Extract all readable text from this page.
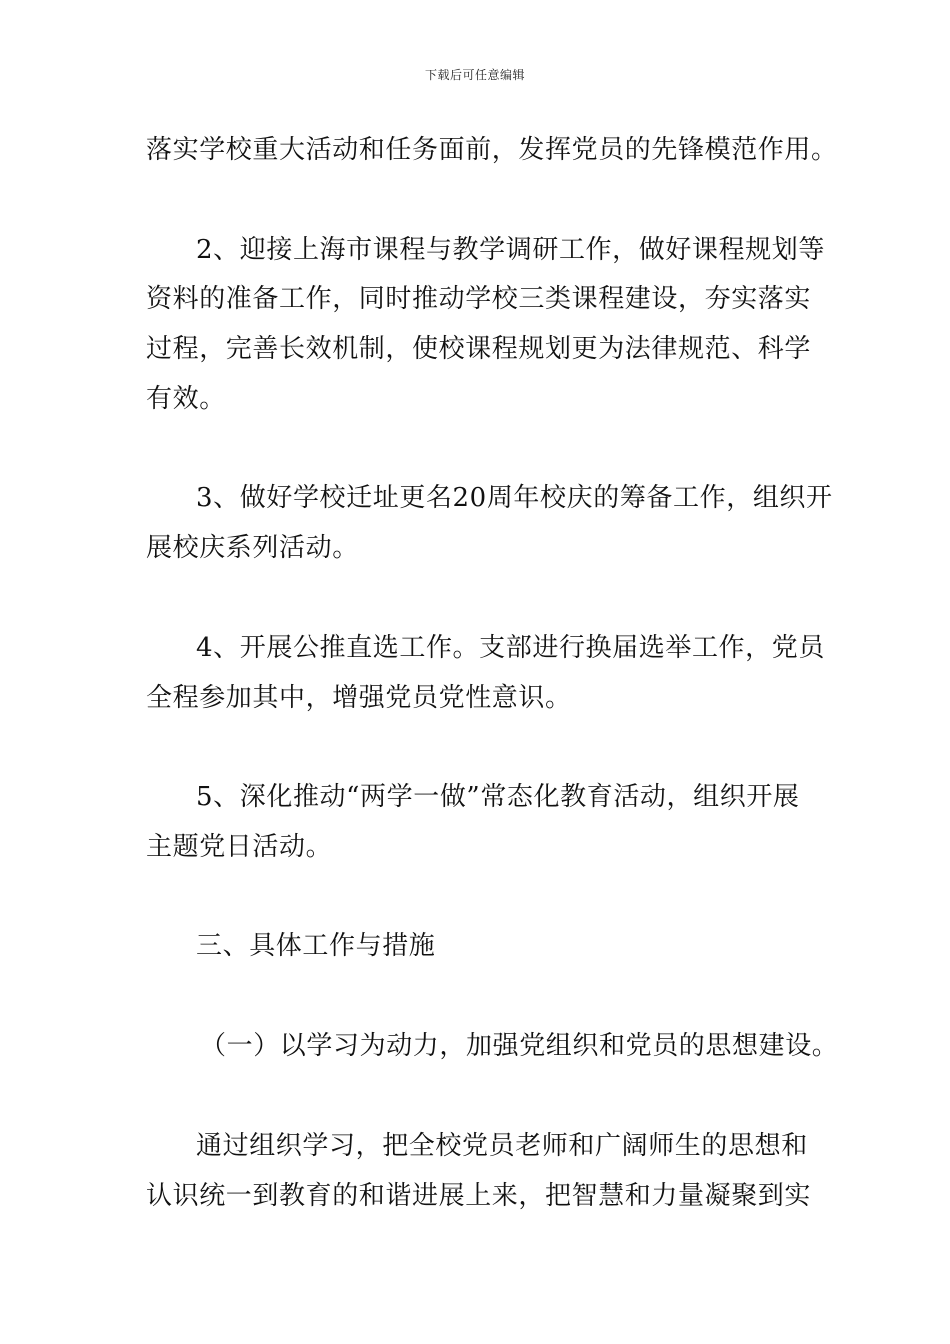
下载后可任意编辑
落实学校重大活动和任务面前，发挥党员的先锋模范作用。
2、迎接上海市课程与教学调研工作，做好课程规划等
资料的准备工作，同时推动学校三类课程建设，夯实落实
过程，完善长效机制，使校课程规划更为法律规范、科学
有效。
3、做好学校迁址更名20周年校庆的筹备工作，组织开
展校庆系列活动。
4、开展公推直选工作。支部进行换届选举工作，党员
全程参加其中，增强党员党性意识。
5、深化推动“两学一做”常态化教育活动，组织开展
主题党日活动。
三、具体工作与措施
（一）以学习为动力，加强党组织和党员的思想建设。
通过组织学习，把全校党员老师和广阔师生的思想和
认识统一到教育的和谐进展上来，把智慧和力量凝聚到实
